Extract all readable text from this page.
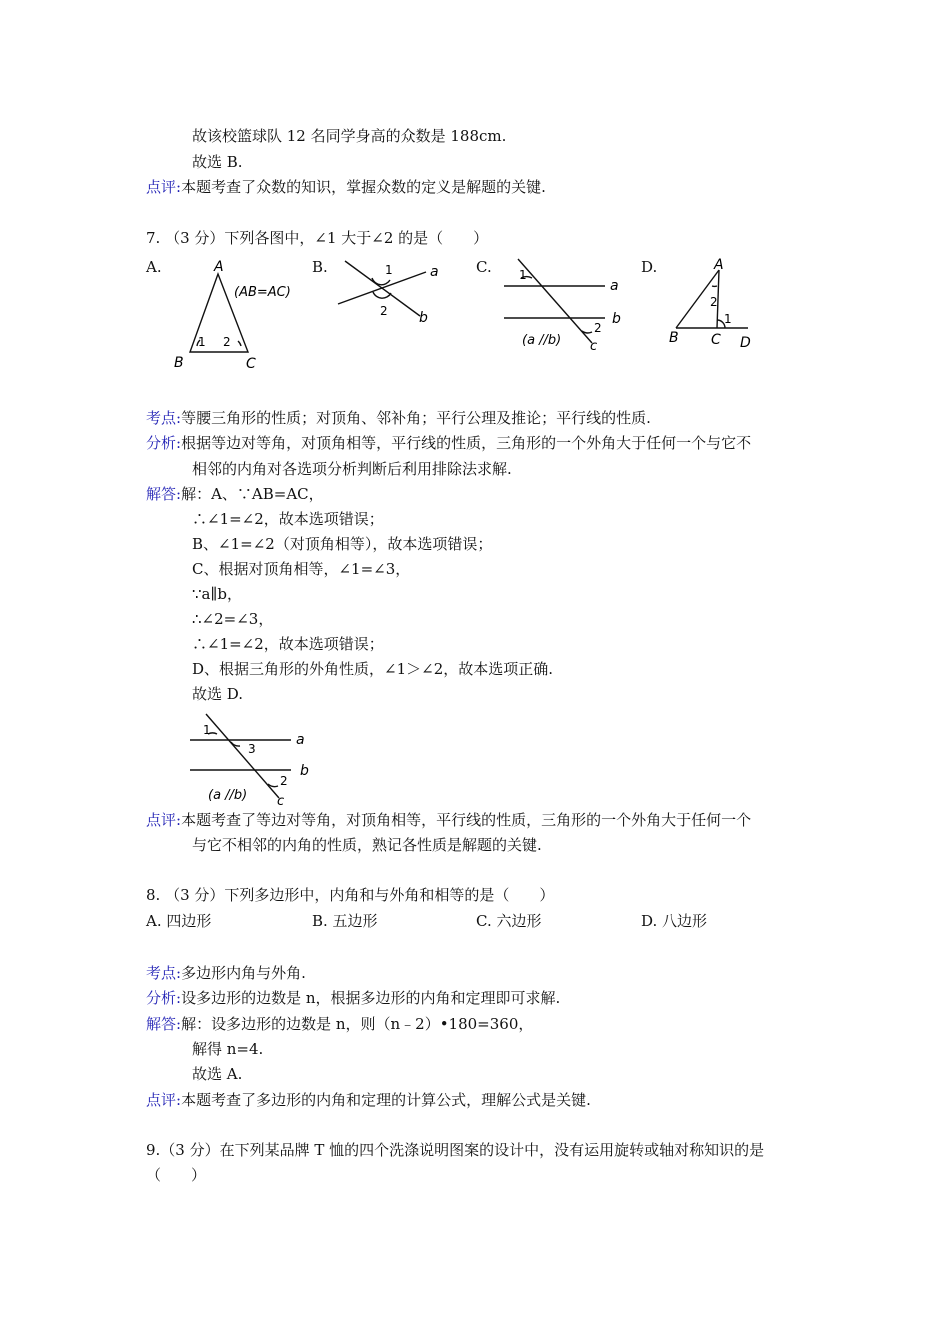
故该校篮球队 12 名同学身高的众数是 188cm.
故选 B.
点评:本题考查了众数的知识，掌握众数的定义是解题的关键.
7. （3 分）下列各图中，∠1 大于∠2 的是（　　）
A.	B.	C.	D.
A
B	C
(AB=AC)
1 2
1
2
a
b
1
2
a
b
c
(a //b)
A
B C D
2
1
考点:等腰三角形的性质；对顶角、邻补角；平行公理及推论；平行线的性质.
分析:根据等边对等角，对顶角相等，平行线的性质，三角形的一个外角大于任何一个与它不
相邻的内角对各选项分析判断后利用排除法求解.
解答:解：A、∵AB=AC，
∴∠1=∠2，故本选项错误；
B、∠1=∠2（对顶角相等），故本选项错误；
C、根据对顶角相等，∠1=∠3，
∵a∥b，
∴∠2=∠3，
∴∠1=∠2，故本选项错误；
D、根据三角形的外角性质，∠1＞∠2，故本选项正确.
故选 D.
1
3
2
a
b
c
(a //b)
点评:本题考查了等边对等角，对顶角相等，平行线的性质，三角形的一个外角大于任何一个
与它不相邻的内角的性质，熟记各性质是解题的关键.
8. （3 分）下列多边形中，内角和与外角和相等的是（　　）
A. 四边形	B. 五边形	C. 六边形	D. 八边形
考点:多边形内角与外角.
分析:设多边形的边数是 n，根据多边形的内角和定理即可求解.
解答:解：设多边形的边数是 n，则（n﹣2）•180=360，
解得 n=4.
故选 A.
点评:本题考查了多边形的内角和定理的计算公式，理解公式是关键.
9.（3 分）在下列某品牌 T 恤的四个洗涤说明图案的设计中，没有运用旋转或轴对称知识的是
（　　）
